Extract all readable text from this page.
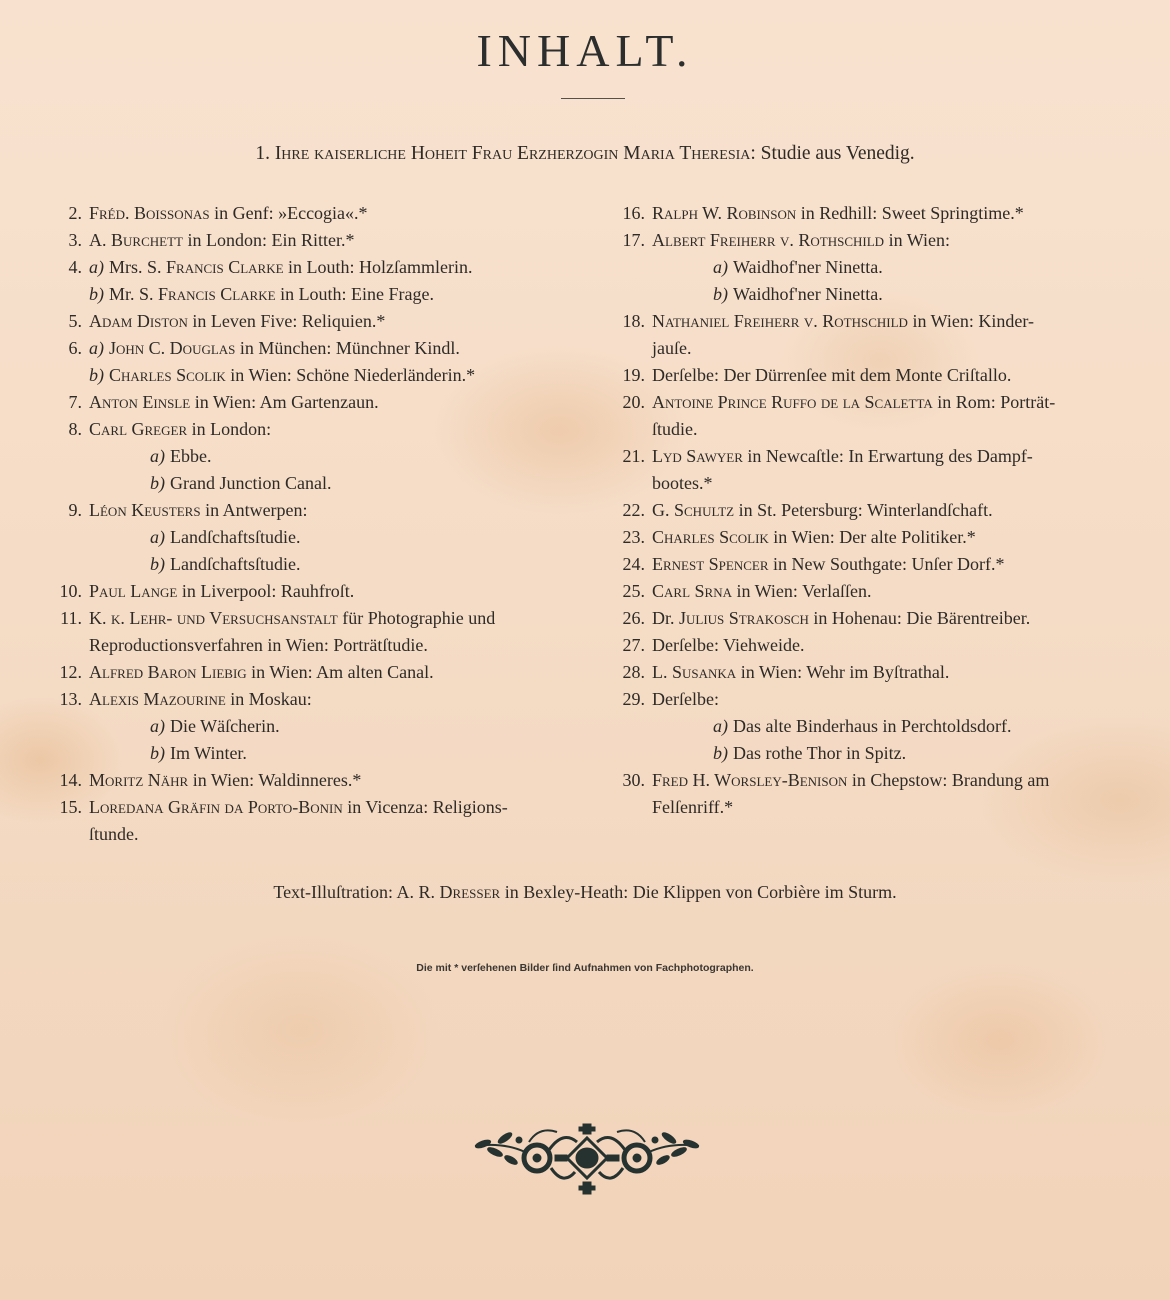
INHALT.
1. Ihre kaiserliche Hoheit Frau Erzherzogin Maria Theresia: Studie aus Venedig.
2. Fréd. Boissonas in Genf: »Eccogia«.*
3. A. Burchett in London: Ein Ritter.*
4. a) Mrs. S. Francis Clarke in Louth: Holzſammlerin.
b) Mr. S. Francis Clarke in Louth: Eine Frage.
5. Adam Diston in Leven Five: Reliquien.*
6. a) John C. Douglas in München: Münchner Kindl.
b) Charles Scolik in Wien: Schöne Niederländerin.*
7. Anton Einsle in Wien: Am Gartenzaun.
8. Carl Greger in London:
a) Ebbe.
b) Grand Junction Canal.
9. Léon Keusters in Antwerpen:
a) Landſchaftsſtudie.
b) Landſchaftsſtudie.
10. Paul Lange in Liverpool: Rauhfroſt.
11. K. k. Lehr- und Versuchsanstalt für Photographie und
Reproductionsverfahren in Wien: Porträtſtudie.
12. Alfred Baron Liebig in Wien: Am alten Canal.
13. Alexis Mazourine in Moskau:
a) Die Wäſcherin.
b) Im Winter.
14. Moritz Nähr in Wien: Waldinneres.*
15. Loredana Gräfin da Porto-Bonin in Vicenza: Religions-
ſtunde.
16. Ralph W. Robinson in Redhill: Sweet Springtime.*
17. Albert Freiherr v. Rothschild in Wien:
a) Waidhof'ner Ninetta.
b) Waidhof'ner Ninetta.
18. Nathaniel Freiherr v. Rothschild in Wien: Kinder-
jauſe.
19. Derſelbe: Der Dürrenſee mit dem Monte Criſtallo.
20. Antoine Prince Ruffo de la Scaletta in Rom: Porträt-
ſtudie.
21. Lyd Sawyer in Newcaſtle: In Erwartung des Dampf-
bootes.*
22. G. Schultz in St. Petersburg: Winterlandſchaft.
23. Charles Scolik in Wien: Der alte Politiker.*
24. Ernest Spencer in New Southgate: Unſer Dorf.*
25. Carl Srna in Wien: Verlaſſen.
26. Dr. Julius Strakosch in Hohenau: Die Bärentreiber.
27. Derſelbe: Viehweide.
28. L. Susanka in Wien: Wehr im Byſtrathal.
29. Derſelbe:
a) Das alte Binderhaus in Perchtoldsdorf.
b) Das rothe Thor in Spitz.
30. Fred H. Worsley-Benison in Chepstow: Brandung am
Felſenriff.*
Text-Illuſtration: A. R. Dresser in Bexley-Heath: Die Klippen von Corbière im Sturm.
Die mit * verſehenen Bilder ſind Aufnahmen von Fachphotographen.
